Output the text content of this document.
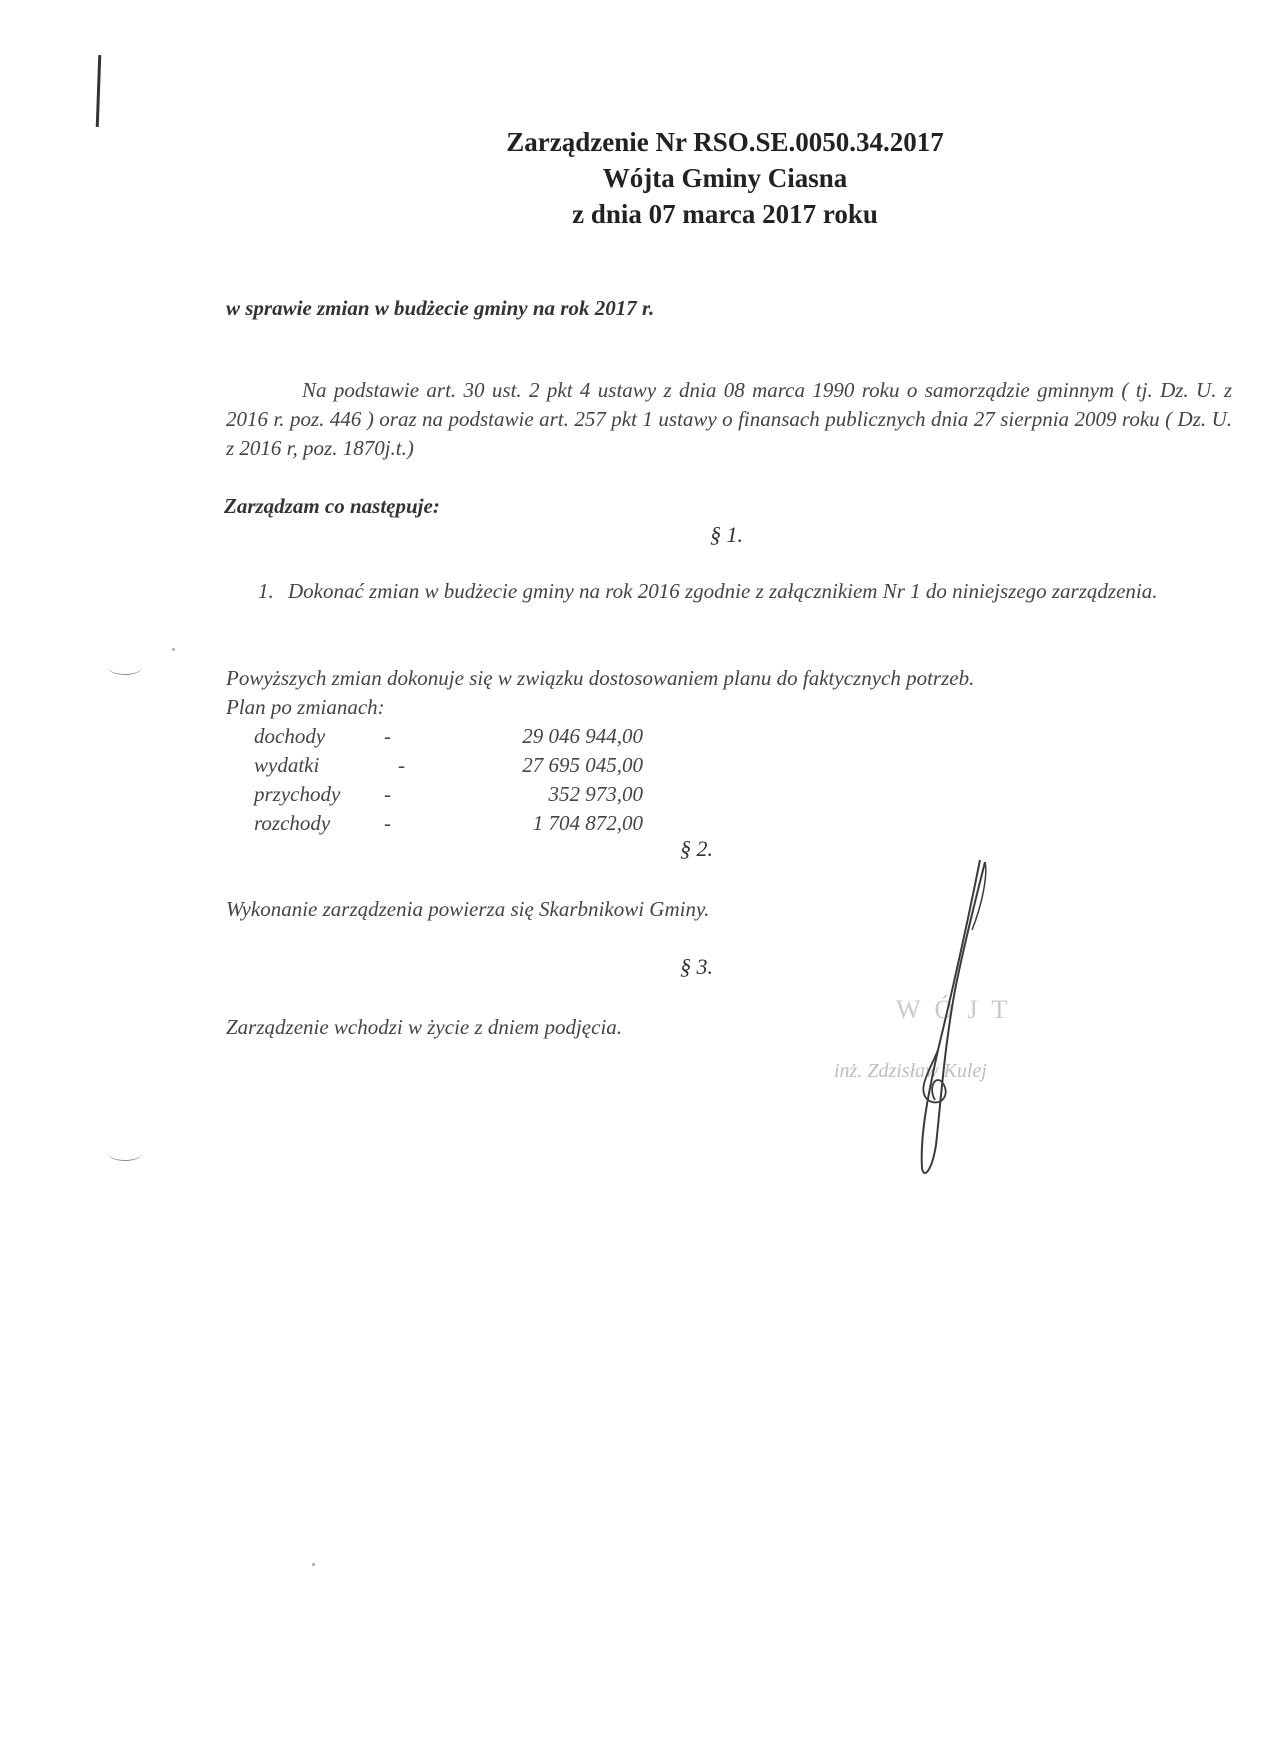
Zarządzenie Nr RSO.SE.0050.34.2017
Wójta Gminy Ciasna
z dnia 07 marca 2017 roku
w sprawie zmian w budżecie gminy na rok 2017 r.
Na podstawie art. 30 ust. 2 pkt 4 ustawy z dnia 08 marca 1990 roku o samorządzie gminnym ( tj. Dz. U. z 2016 r. poz. 446 ) oraz na podstawie art. 257 pkt 1 ustawy o finansach publicznych dnia 27 sierpnia 2009 roku ( Dz. U. z 2016 r, poz. 1870j.t.)
Zarządzam co następuje:
§ 1.
1. Dokonać zmian w budżecie gminy na rok 2016 zgodnie z załącznikiem Nr 1 do niniejszego zarządzenia.
Powyższych zmian dokonuje się w związku dostosowaniem planu do faktycznych potrzeb.
Plan po zmianach:
dochody	-	29 046 944,00
wydatki	-	27 695 045,00
przychody	-	352 973,00
rozchody	-	1 704 872,00
§ 2.
Wykonanie zarządzenia powierza się Skarbnikowi Gminy.
§ 3.
Zarządzenie wchodzi w życie z dniem podjęcia.
WÓJT
inż. Zdzisław Kulej
